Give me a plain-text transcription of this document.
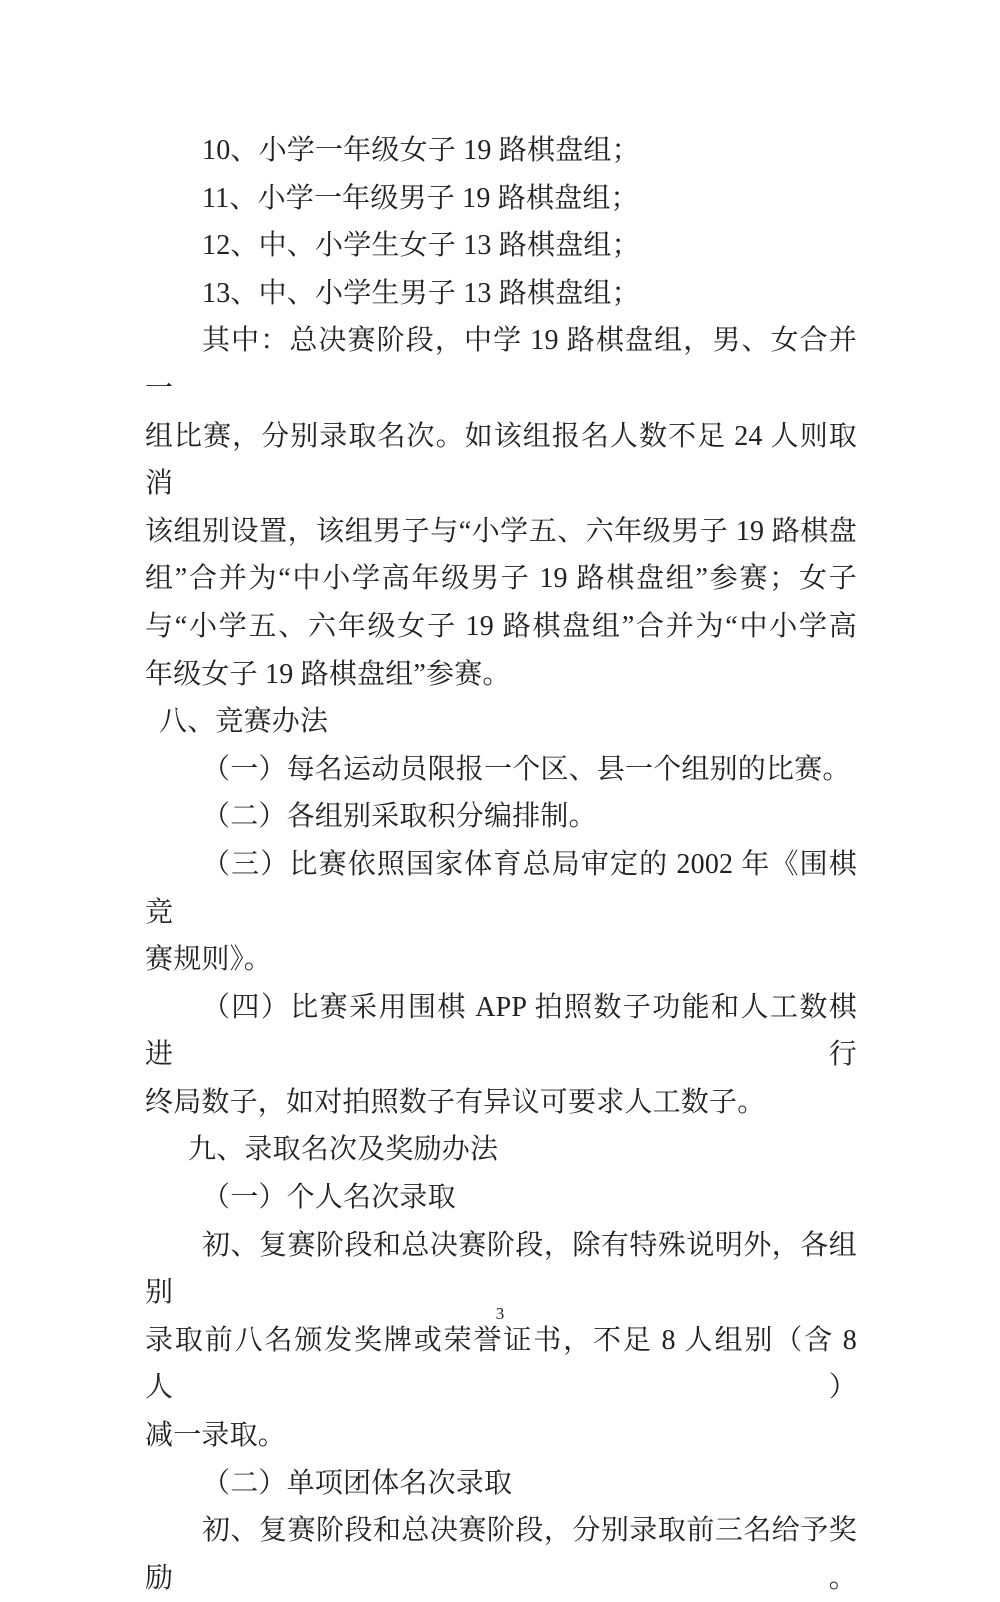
10、小学一年级女子 19 路棋盘组；
11、小学一年级男子 19 路棋盘组；
12、中、小学生女子 13 路棋盘组；
13、中、小学生男子 13 路棋盘组；
其中：总决赛阶段，中学 19 路棋盘组，男、女合并一
组比赛，分别录取名次。如该组报名人数不足 24 人则取消
该组别设置，该组男子与“小学五、六年级男子 19 路棋盘
组”合并为“中小学高年级男子 19 路棋盘组”参赛；女子
与“小学五、六年级女子 19 路棋盘组”合并为“中小学高
年级女子 19 路棋盘组”参赛。
八、竞赛办法
（一）每名运动员限报一个区、县一个组别的比赛。
（二）各组别采取积分编排制。
（三）比赛依照国家体育总局审定的 2002 年《围棋竞
赛规则》。
（四）比赛采用围棋 APP 拍照数子功能和人工数棋进行
终局数子，如对拍照数子有异议可要求人工数子。
九、录取名次及奖励办法
（一）个人名次录取
初、复赛阶段和总决赛阶段，除有特殊说明外，各组别
录取前八名颁发奖牌或荣誉证书，不足 8 人组别（含 8 人）
减一录取。
（二）单项团体名次录取
初、复赛阶段和总决赛阶段，分别录取前三名给予奖励。
3
